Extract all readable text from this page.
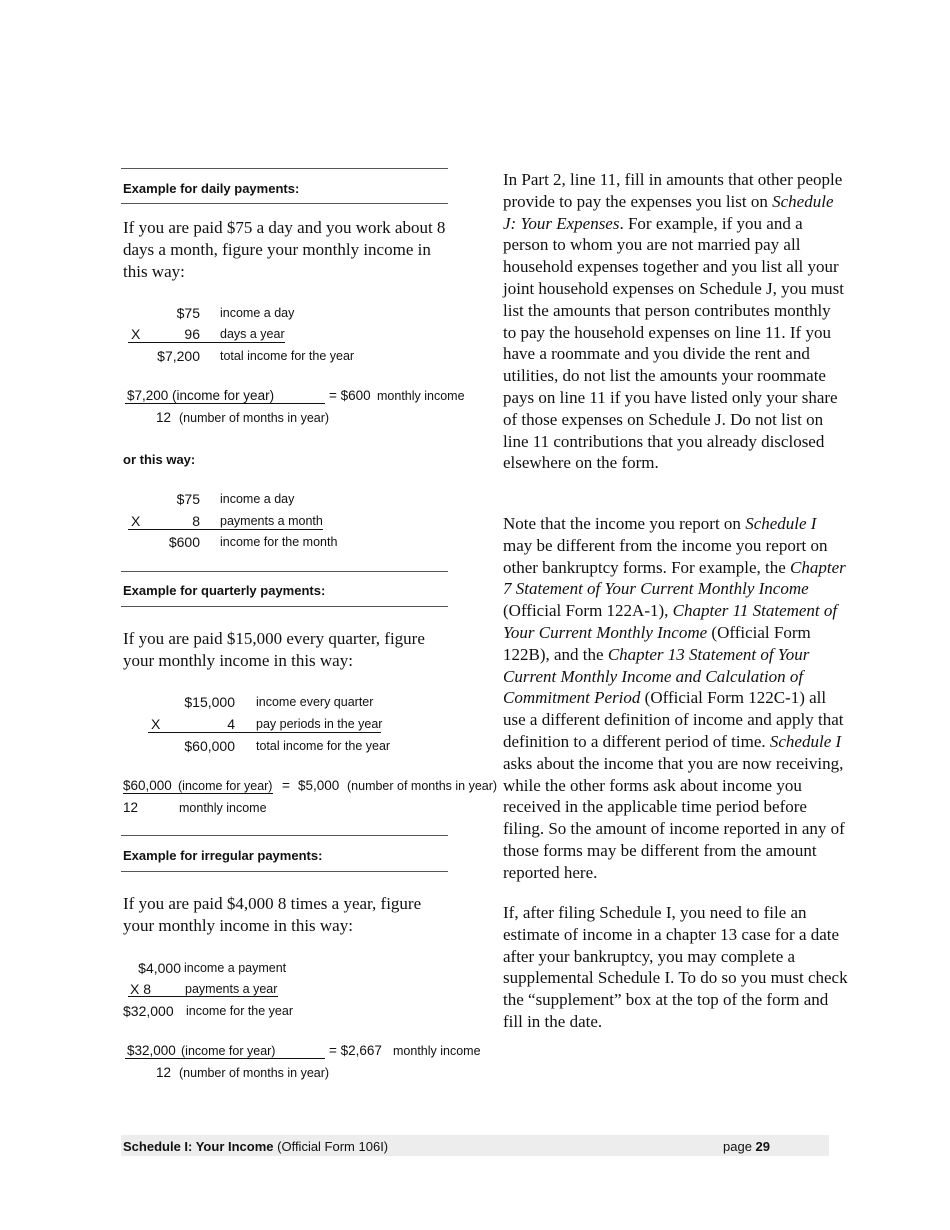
Example for daily payments:
If you are paid $75 a day and you work about 8
days a month, figure your monthly income in
this way:
$75 income a day
X	96 days a year
$7,200 total income for the year
$7,200 (income for year)	= $600 monthly income
12 (number of months in year)
or this way:
$75 income a day
X	8 payments a month
$600 income for the month
Example for quarterly payments:
If you are paid $15,000 every quarter, figure
your monthly income in this way:
$15,000 income every quarter
X	4 pay periods in the year
$60,000 total income for the year
$60,000 (income for year) = $5,000 (number of months in year)
12	monthly income
Example for irregular payments:
If you are paid $4,000 8 times a year, figure
your monthly income in this way:
$4,000 income a payment
X 8	payments a year
$32,000 income for the year
$32,000 (income for year)	= $2,667 monthly income
12 (number of months in year)

In Part 2, line 11, fill in amounts that other people provide to pay the expenses you list on Schedule J: Your Expenses. For example, if you and a person to whom you are not married pay all household expenses together and you list all your joint household expenses on Schedule J, you must list the amounts that person contributes monthly to pay the household expenses on line 11. If you have a roommate and you divide the rent and utilities, do not list the amounts your roommate pays on line 11 if you have listed only your share of those expenses on Schedule J. Do not list on line 11 contributions that you already disclosed elsewhere on the form.

Note that the income you report on Schedule I may be different from the income you report on other bankruptcy forms. For example, the Chapter 7 Statement of Your Current Monthly Income (Official Form 122A-1), Chapter 11 Statement of Your Current Monthly Income (Official Form 122B), and the Chapter 13 Statement of Your Current Monthly Income and Calculation of Commitment Period (Official Form 122C-1) all use a different definition of income and apply that definition to a different period of time. Schedule I asks about the income that you are now receiving, while the other forms ask about income you received in the applicable time period before filing. So the amount of income reported in any of those forms may be different from the amount reported here.

If, after filing Schedule I, you need to file an estimate of income in a chapter 13 case for a date after your bankruptcy, you may complete a supplemental Schedule I. To do so you must check the “supplement” box at the top of the form and fill in the date.

Schedule I: Your Income (Official Form 106I)	page 29
